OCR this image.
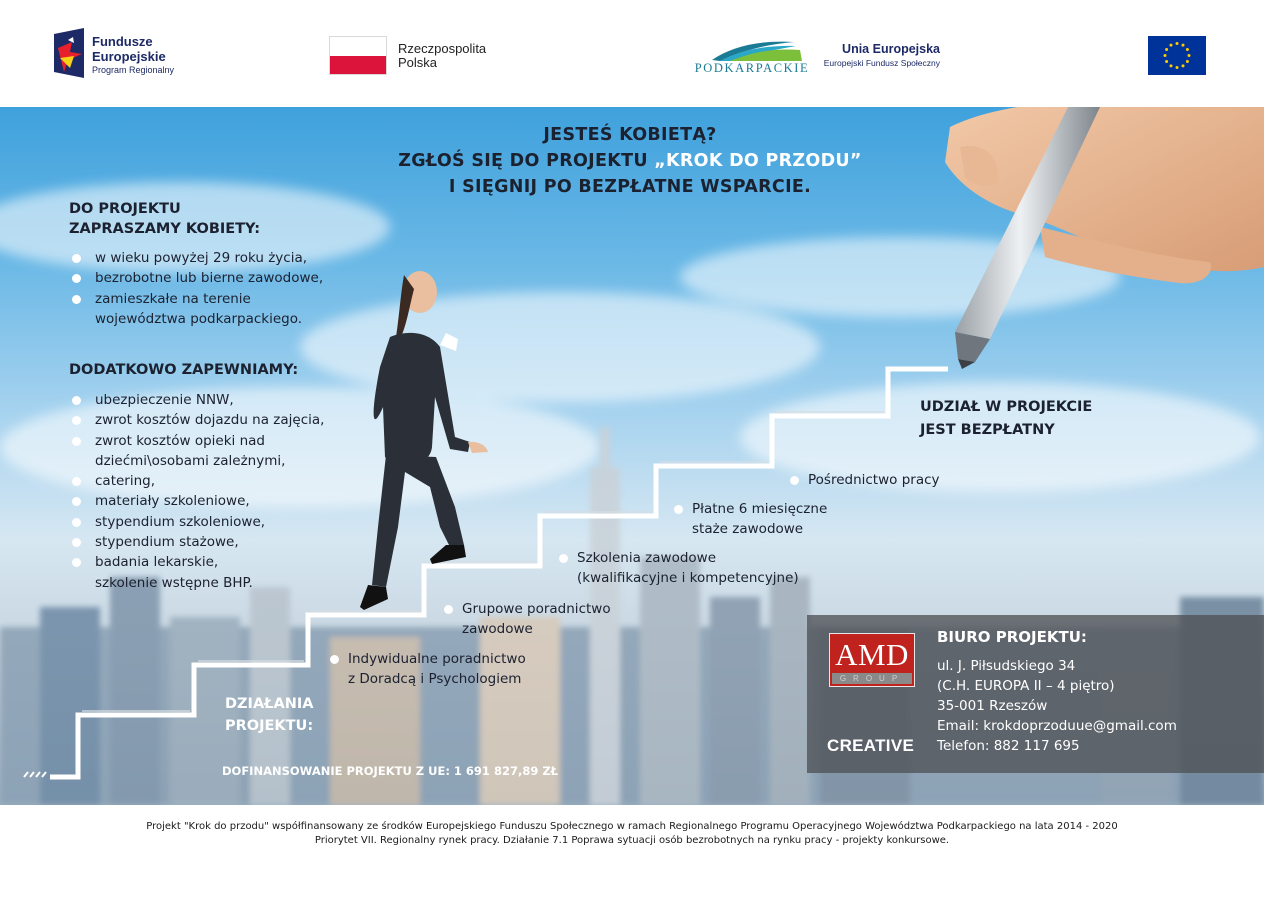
Fundusze
Europejskie
Program Regionalny
Rzeczpospolita
Polska	PODKARPACKIE
Unia Europejska
Europejski Fundusz Społeczny
JESTEŚ KOBIETĄ?
ZGŁOŚ SIĘ DO PROJEKTU „KROK DO PRZODU”
I SIĘGNIJ PO BEZPŁATNE WSPARCIE.
DO PROJEKTU
ZAPRASZAMY KOBIETY:
w wieku powyżej 29 roku życia,
bezrobotne lub bierne zawodowe,
zamieszkałe na terenie
województwa podkarpackiego.
DODATKOWO ZAPEWNIAMY:
ubezpieczenie NNW,
zwrot kosztów dojazdu na zajęcia,
zwrot kosztów opieki nad
dziećmi\osobami zależnymi,
catering,
materiały szkoleniowe,
stypendium szkoleniowe,
stypendium stażowe,
badania lekarskie,
szkolenie wstępne BHP.
Indywidualne poradnictwo
z Doradcą i Psychologiem
Grupowe poradnictwo
zawodowe
Szkolenia zawodowe
(kwalifikacyjne i kompetencyjne)
Płatne 6 miesięczne
staże zawodowe
Pośrednictwo pracy
UDZIAŁ W PROJEKCIE
JEST BEZPŁATNY
DZIAŁANIA
PROJEKTU:
DOFINANSOWANIE PROJEKTU Z UE: 1 691 827,89 ZŁ
AMD
GROUP
CREATIVE
BIURO PROJEKTU:
ul. J. Piłsudskiego 34
(C.H. EUROPA II – 4 piętro)
35-001 Rzeszów
Email: krokdoprzoduue@gmail.com
Telefon: 882 117 695
Projekt "Krok do przodu" współfinansowany ze środków Europejskiego Funduszu Społecznego w ramach Regionalnego Programu Operacyjnego Województwa Podkarpackiego na lata 2014 - 2020
Priorytet VII. Regionalny rynek pracy. Działanie 7.1 Poprawa sytuacji osób bezrobotnych na rynku pracy - projekty konkursowe.
